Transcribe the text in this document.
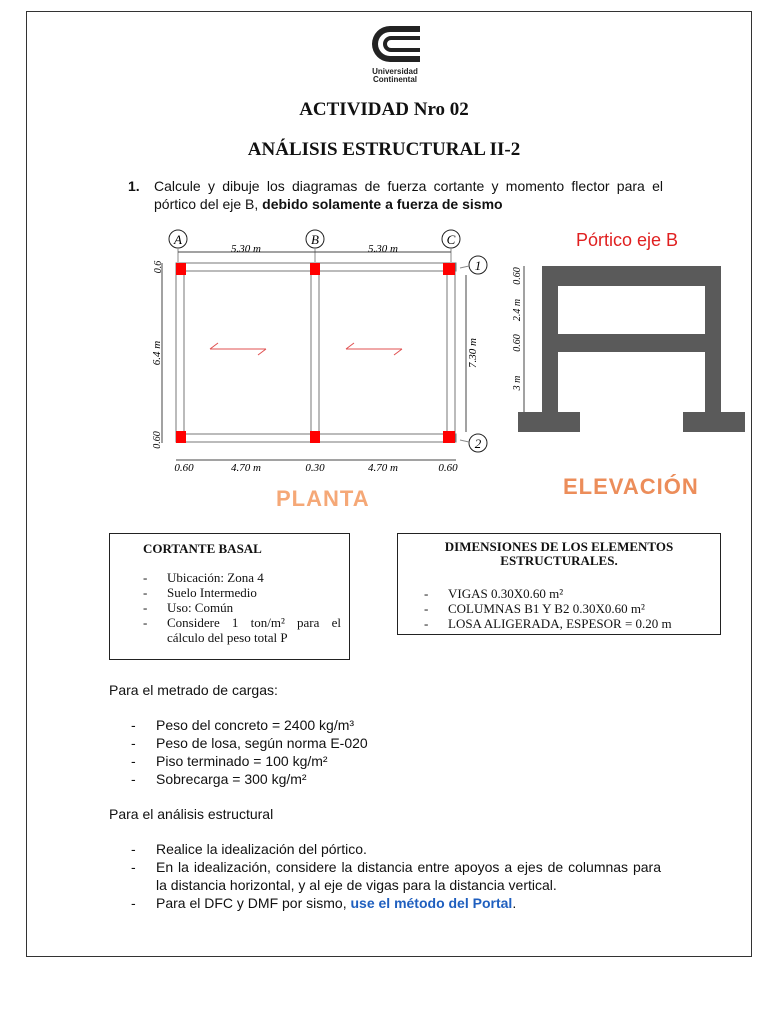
Universidad
Continental
ACTIVIDAD Nro 02
ANÁLISIS ESTRUCTURAL II-2
1. Calcule y dibuje los diagramas de fuerza cortante y momento flector para el pórtico del eje B, debido solamente a fuerza de sismo
A	B	C
1
2
5.30 m	5.30 m
0.6
6.4 m
0.60
7.30 m
0.60	4.70 m	0.30	4.70 m	0.60
PLANTA
Pórtico eje B
0.60
2.4 m
0.60
3 m
ELEVACIÓN
CORTANTE BASAL
- Ubicación: Zona 4
- Suelo Intermedio
- Uso: Común
- Considere 1 ton/m² para el cálculo del peso total P
DIMENSIONES DE LOS ELEMENTOS ESTRUCTURALES.
- VIGAS 0.30X0.60 m²
- COLUMNAS B1 Y B2 0.30X0.60 m²
- LOSA ALIGERADA, ESPESOR = 0.20 m
Para el metrado de cargas:
- Peso del concreto = 2400 kg/m³
- Peso de losa, según norma E-020
- Piso terminado = 100 kg/m²
- Sobrecarga = 300 kg/m²
Para el análisis estructural
- Realice la idealización del pórtico.
- En la idealización, considere la distancia entre apoyos a ejes de columnas para la distancia horizontal, y al eje de vigas para la distancia vertical.
- Para el DFC y DMF por sismo, use el método del Portal.
